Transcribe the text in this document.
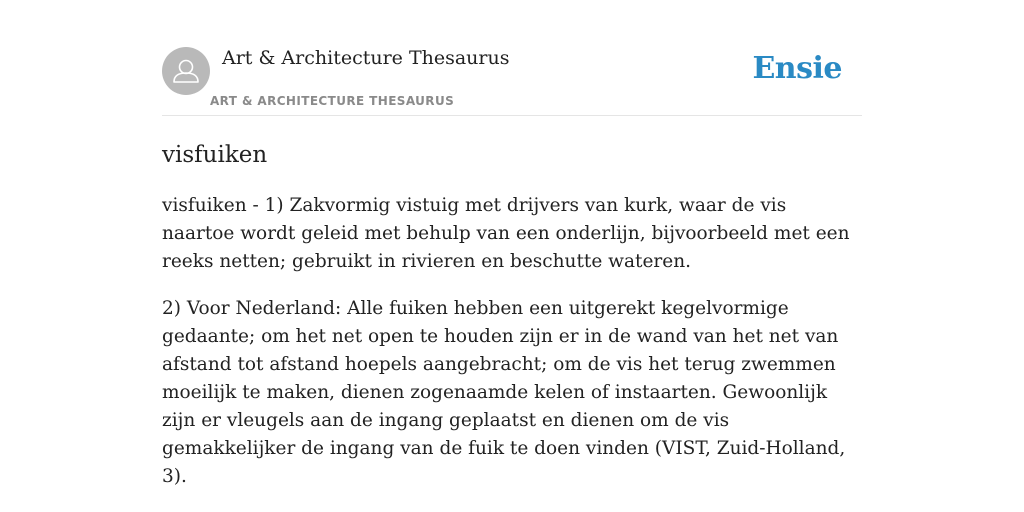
Art & Architecture Thesaurus
ART & ARCHITECTURE THESAURUS
Ensie
visfuiken

visfuiken - 1) Zakvormig vistuig met drijvers van kurk, waar de vis naartoe wordt geleid met behulp van een onderlijn, bijvoorbeeld met een reeks netten; gebruikt in rivieren en beschutte wateren.

2) Voor Nederland: Alle fuiken hebben een uitgerekt kegelvormige gedaante; om het net open te houden zijn er in de wand van het net van afstand tot afstand hoepels aangebracht; om de vis het terug zwemmen moeilijk te maken, dienen zogenaamde kelen of instaarten. Gewoonlijk zijn er vleugels aan de ingang geplaatst en dienen om de vis gemakkelijker de ingang van de fuik te doen vinden (VIST, Zuid-Holland, 3).
